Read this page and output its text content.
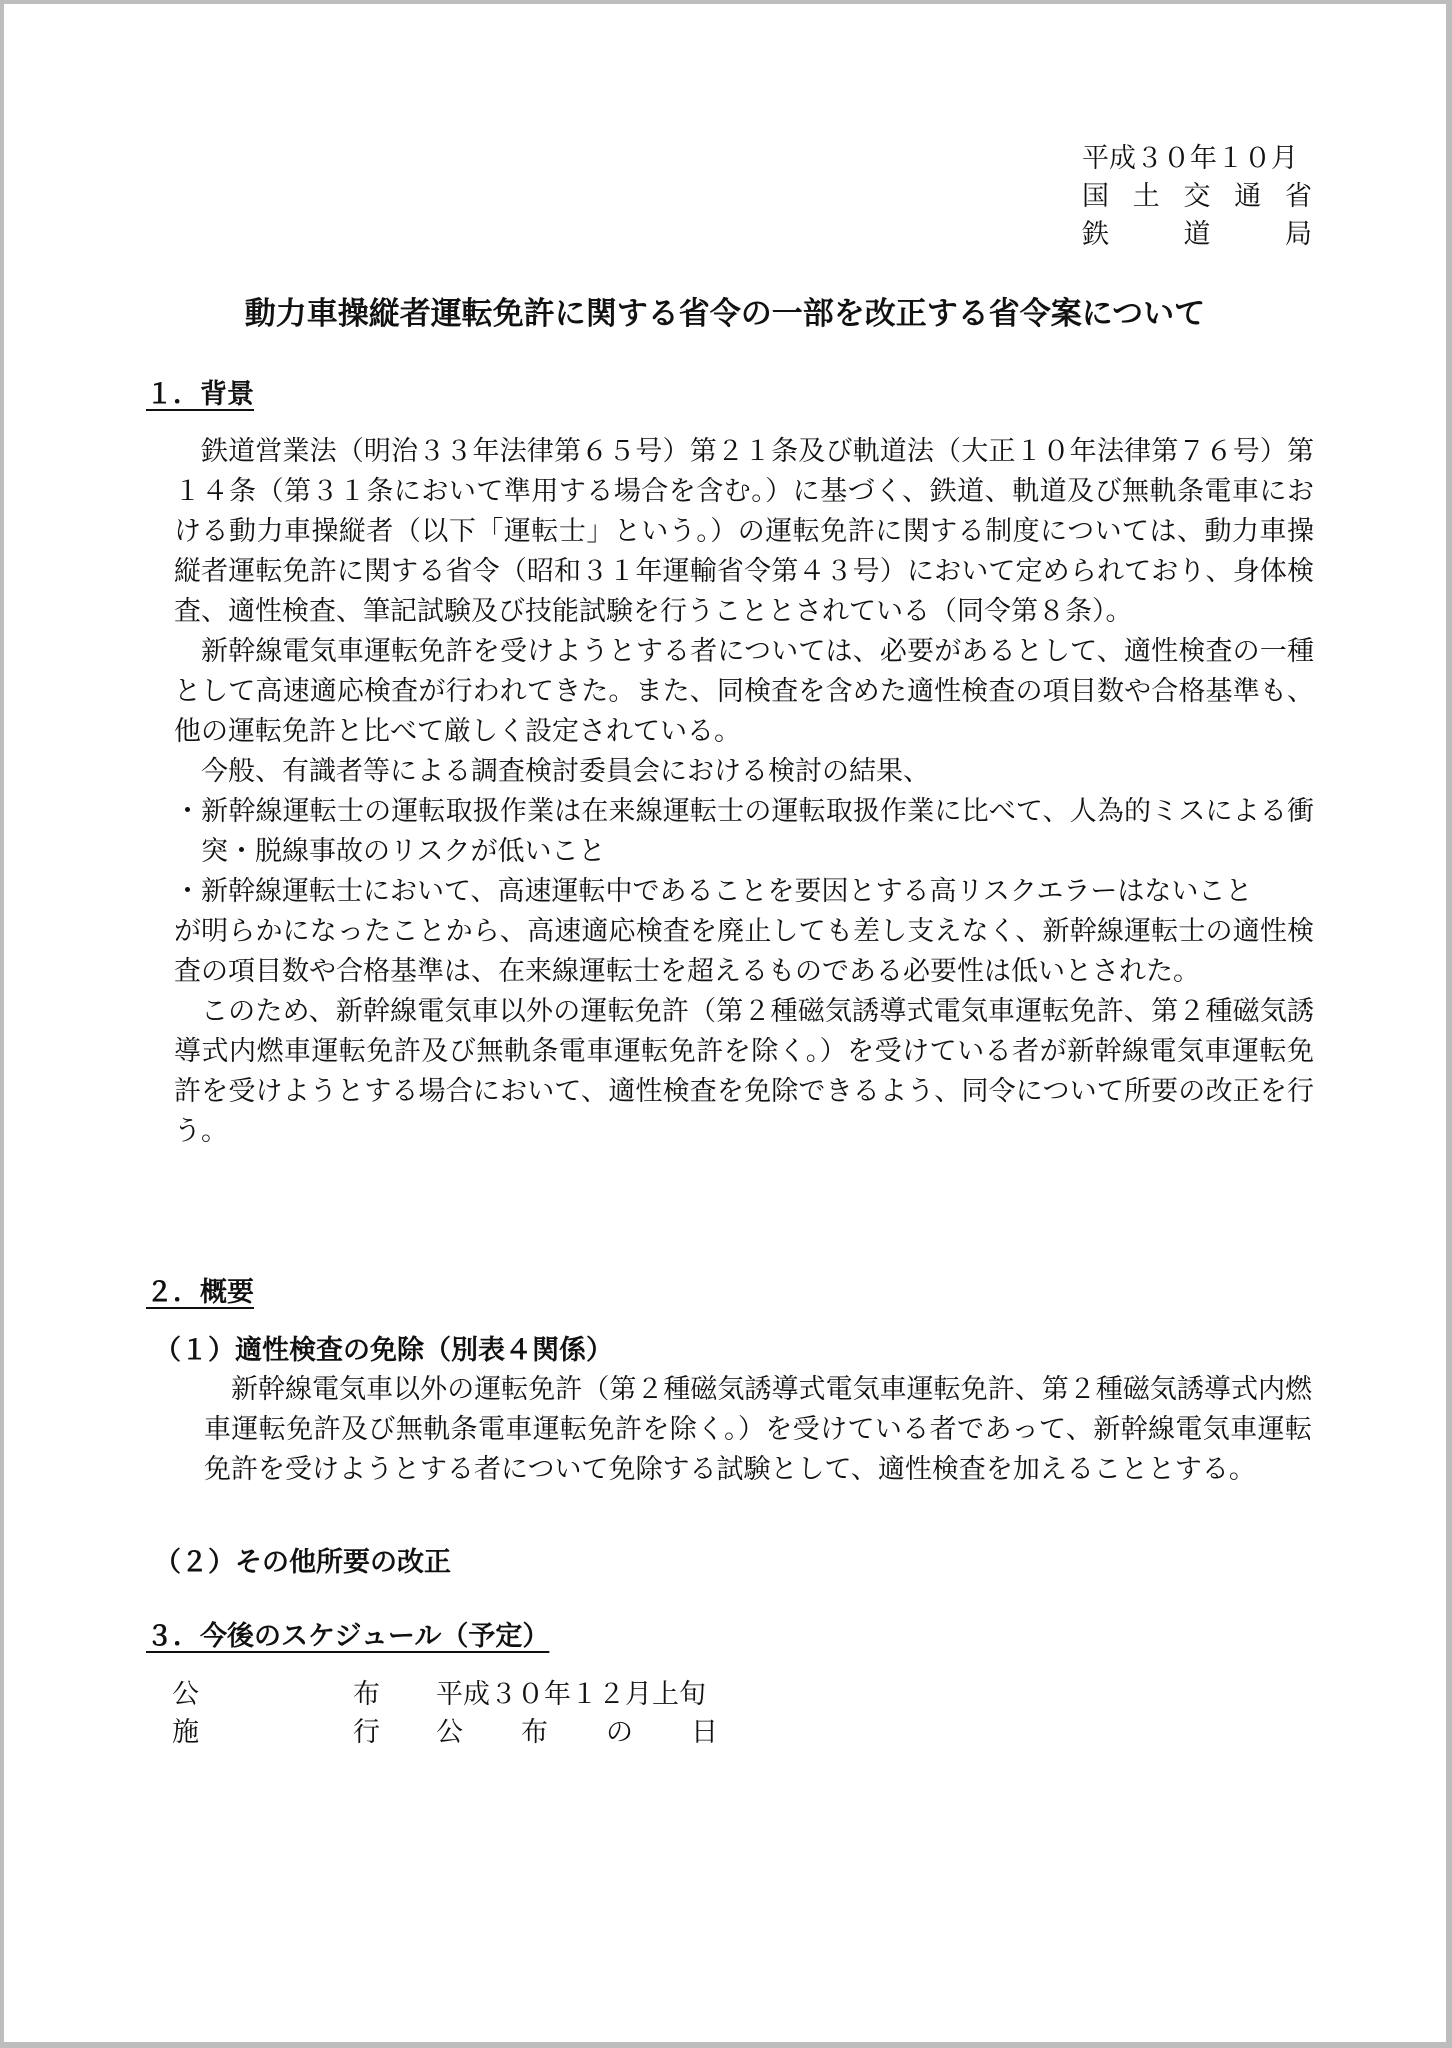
平成３０年１０月
国 土 交 通 省
鉄	道	局
動力車操縦者運転免許に関する省令の一部を改正する省令案について
１．背景

鉄道営業法（明治３３年法律第６５号）第２１条及び軌道法（大正１０年法律第７６号）第１４条（第３１条において準用する場合を含む。）に基づく、鉄道、軌道及び無軌条電車における動力車操縦者（以下「運転士」という。）の運転免許に関する制度については、動力車操縦者運転免許に関する省令（昭和３１年運輸省令第４３号）において定められており、身体検査、適性検査、筆記試験及び技能試験を行うこととされている（同令第８条）。

新幹線電気車運転免許を受けようとする者については、必要があるとして、適性検査の一種として高速適応検査が行われてきた。また、同検査を含めた適性検査の項目数や合格基準も、他の運転免許と比べて厳しく設定されている。

今般、有識者等による調査検討委員会における検討の結果、

・新幹線運転士の運転取扱作業は在来線運転士の運転取扱作業に比べて、人為的ミスによる衝突・脱線事故のリスクが低いこと
・新幹線運転士において、高速運転中であることを要因とする高リスクエラーはないこと

が明らかになったことから、高速適応検査を廃止しても差し支えなく、新幹線運転士の適性検査の項目数や合格基準は、在来線運転士を超えるものである必要性は低いとされた。

このため、新幹線電気車以外の運転免許（第２種磁気誘導式電気車運転免許、第２種磁気誘導式内燃車運転免許及び無軌条電車運転免許を除く。）を受けている者が新幹線電気車運転免許を受けようとする場合において、適性検査を免除できるよう、同令について所要の改正を行う。

２．概要
（１）適性検査の免除（別表４関係）

新幹線電気車以外の運転免許（第２種磁気誘導式電気車運転免許、第２種磁気誘導式内燃車運転免許及び無軌条電車運転免許を除く。）を受けている者であって、新幹線電気車運転免許を受けようとする者について免除する試験として、適性検査を加えることとする。

（２）その他所要の改正
３．今後のスケジュール（予定）
公	布 平成３０年１２月上旬
施	行 公 布 の 日
